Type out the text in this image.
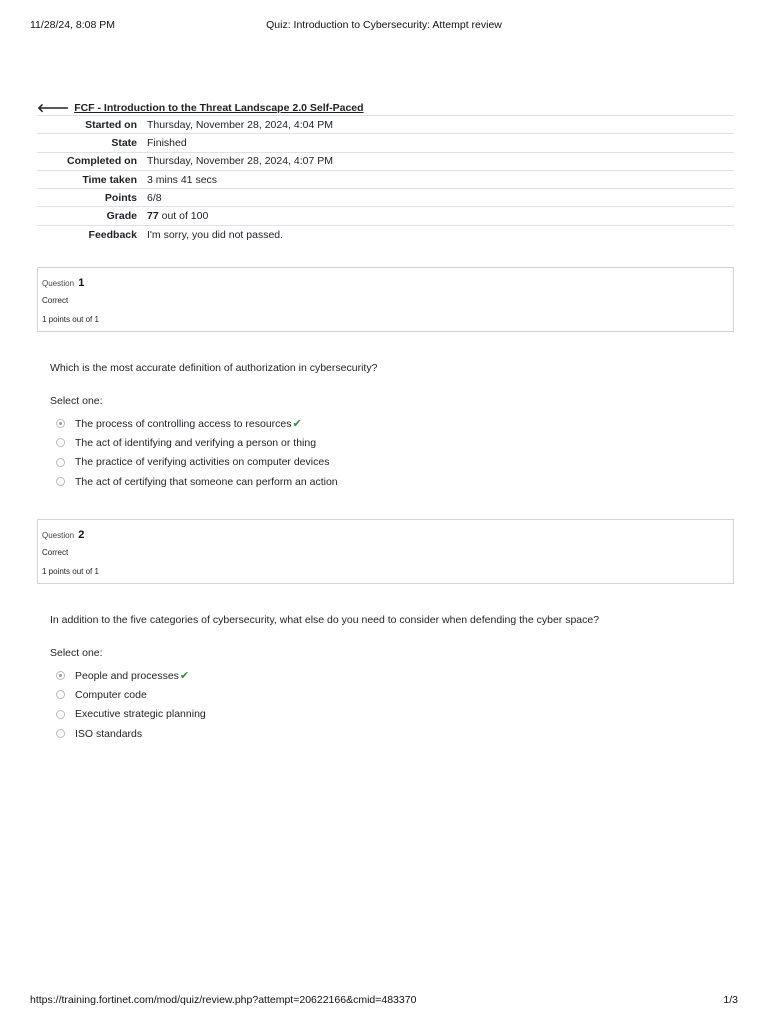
11/28/24, 8:08 PM	Quiz: Introduction to Cybersecurity: Attempt review
🡐 FCF - Introduction to the Threat Landscape 2.0 Self-Paced
Started on	Thursday, November 28, 2024, 4:04 PM
State	Finished
Completed on	Thursday, November 28, 2024, 4:07 PM
Time taken	3 mins 41 secs
Points	6/8
Grade	77 out of 100
Feedback	I'm sorry, you did not passed.
Question 1
Correct
1 points out of 1
Which is the most accurate definition of authorization in cybersecurity?
Select one:
The process of controlling access to resources ✔
The act of identifying and verifying a person or thing
The practice of verifying activities on computer devices
The act of certifying that someone can perform an action
Question 2
Correct
1 points out of 1
In addition to the five categories of cybersecurity, what else do you need to consider when defending the cyber space?
Select one:
People and processes ✔
Computer code
Executive strategic planning
ISO standards
https://training.fortinet.com/mod/quiz/review.php?attempt=20622166&cmid=483370	1/3
